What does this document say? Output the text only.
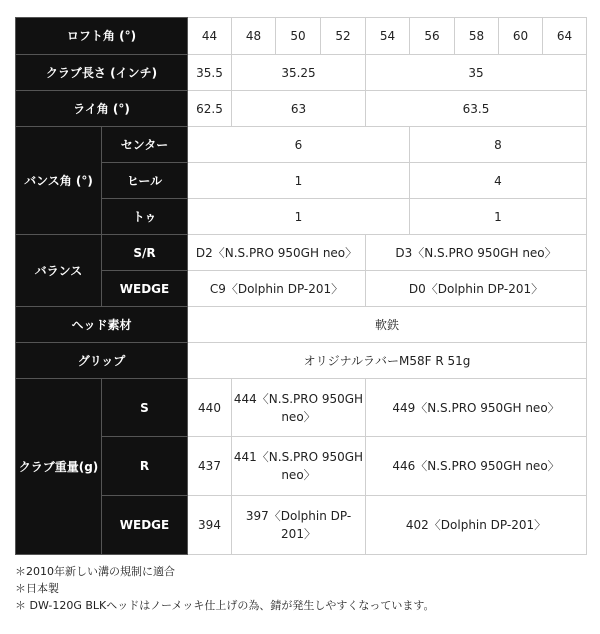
ロフト角 (°)		44	48	50	52	54	56	58	60	64
クラブ長さ (インチ)		35.5	35.25			35				
ライ角 (°)		62.5	63			63.5				
バンス角 (°)	センター	6					8			
	ヒール	1					4			
	トゥ	1					1			
バランス	S/R	D2〈N.S.PRO 950GH neo〉				D3〈N.S.PRO 950GH neo〉				
	WEDGE	C9〈Dolphin DP-201〉				D0〈Dolphin DP-201〉				
ヘッド素材		軟鉄								
グリップ		オリジナルラバーM58F R 51g								
クラブ重量(g)	S	440	444〈N.S.PRO 950GH neo〉			449〈N.S.PRO 950GH neo〉				
	R	437	441〈N.S.PRO 950GH neo〉			446〈N.S.PRO 950GH neo〉				
	WEDGE	394	397〈Dolphin DP-201〉			402〈Dolphin DP-201〉				
＊2010年新しい溝の規制に適合
＊日本製
＊ DW-120G BLKヘッドはノーメッキ仕上げの為、錆が発生しやすくなっています。
